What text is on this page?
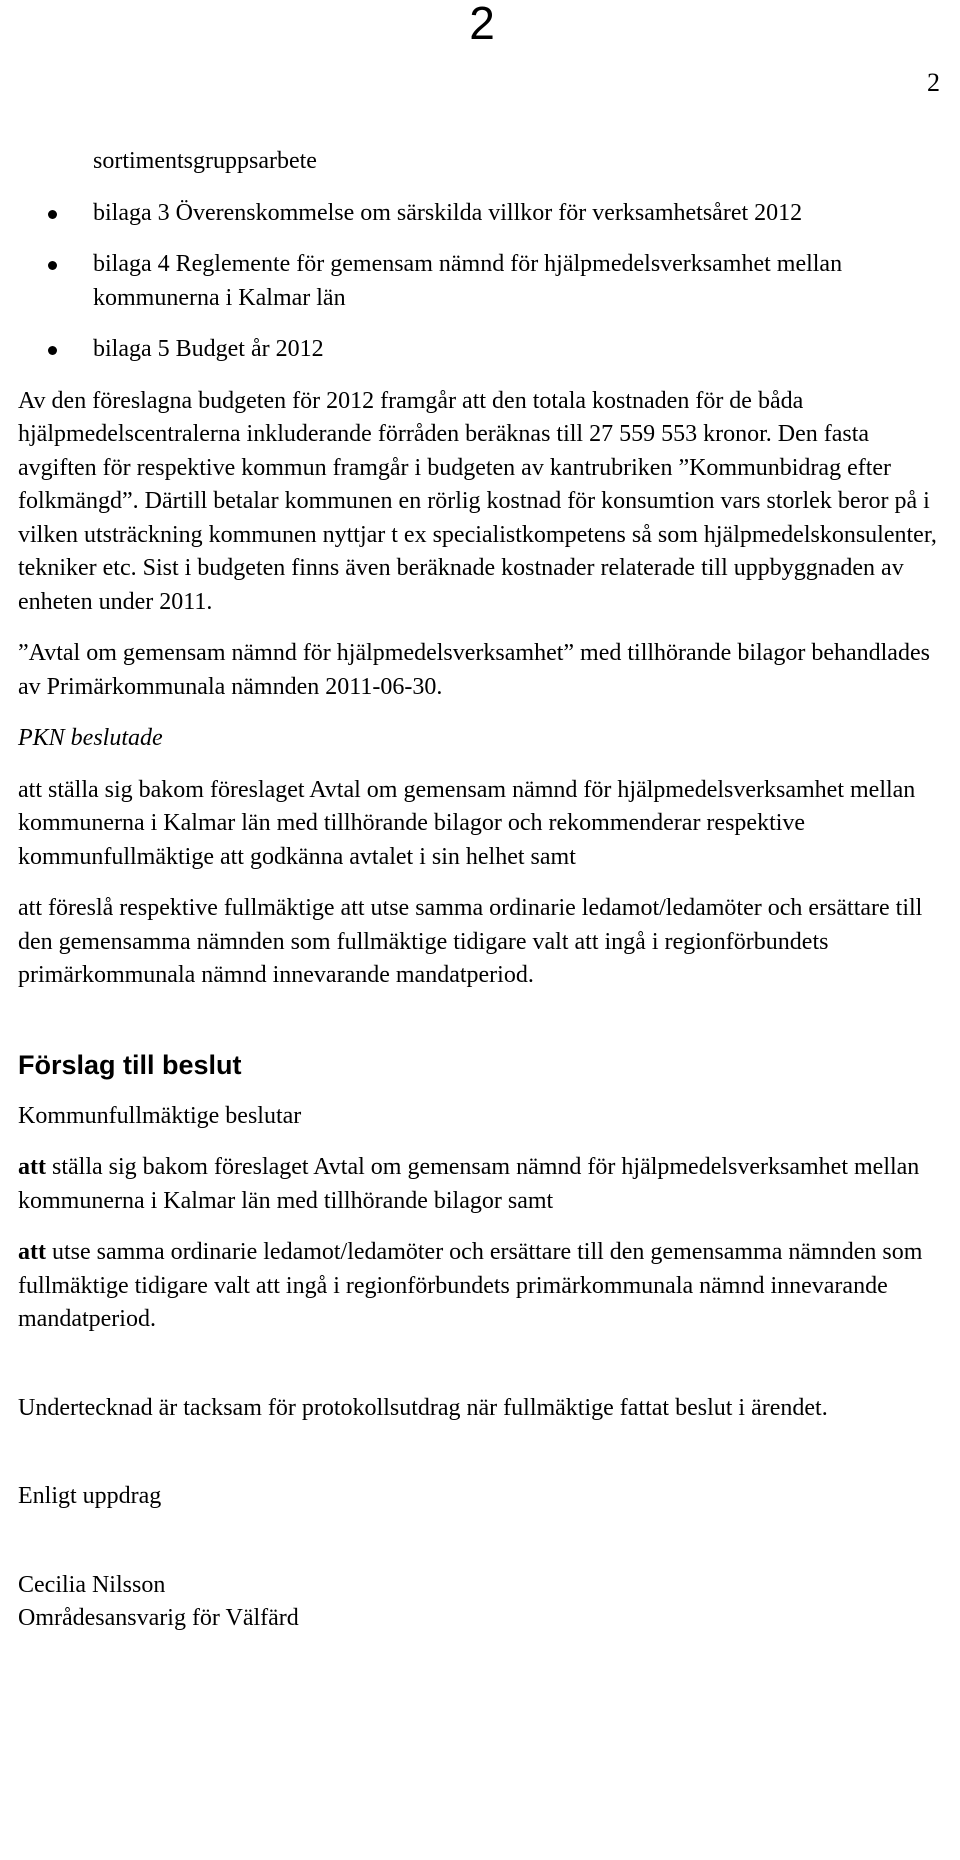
2
2

sortimentsgruppsarbete

bilaga 3 Överenskommelse om särskilda villkor för verksamhetsåret 2012
bilaga 4 Reglemente för gemensam nämnd för hjälpmedelsverksamhet mellan kommunerna i Kalmar län
bilaga 5 Budget år 2012

Av den föreslagna budgeten för 2012 framgår att den totala kostnaden för de båda hjälpmedelscentralerna inkluderande förråden beräknas till 27 559 553 kronor. Den fasta avgiften för respektive kommun framgår i budgeten av kantrubriken ”Kommunbidrag efter folkmängd”. Därtill betalar kommunen en rörlig kostnad för konsumtion vars storlek beror på i vilken utsträckning kommunen nyttjar t ex specialistkompetens så som hjälpmedelskonsulenter, tekniker etc. Sist i budgeten finns även beräknade kostnader relaterade till uppbyggnaden av enheten under 2011.

”Avtal om gemensam nämnd för hjälpmedelsverksamhet” med tillhörande bilagor behandlades av Primärkommunala nämnden 2011-06-30.

PKN beslutade

att ställa sig bakom föreslaget Avtal om gemensam nämnd för hjälpmedelsverksamhet mellan kommunerna i Kalmar län med tillhörande bilagor och rekommenderar respektive kommunfullmäktige att godkänna avtalet i sin helhet samt

att föreslå respektive fullmäktige att utse samma ordinarie ledamot/ledamöter och ersättare till den gemensamma nämnden som fullmäktige tidigare valt att ingå i regionförbundets primärkommunala nämnd innevarande mandatperiod.

Förslag till beslut

Kommunfullmäktige beslutar

att ställa sig bakom föreslaget Avtal om gemensam nämnd för hjälpmedelsverksamhet mellan kommunerna i Kalmar län med tillhörande bilagor samt

att utse samma ordinarie ledamot/ledamöter och ersättare till den gemensamma nämnden som fullmäktige tidigare valt att ingå i regionförbundets primärkommunala nämnd innevarande mandatperiod.

Undertecknad är tacksam för protokollsutdrag när fullmäktige fattat beslut i ärendet.

Enligt uppdrag

Cecilia Nilsson

Områdesansvarig för Välfärd
